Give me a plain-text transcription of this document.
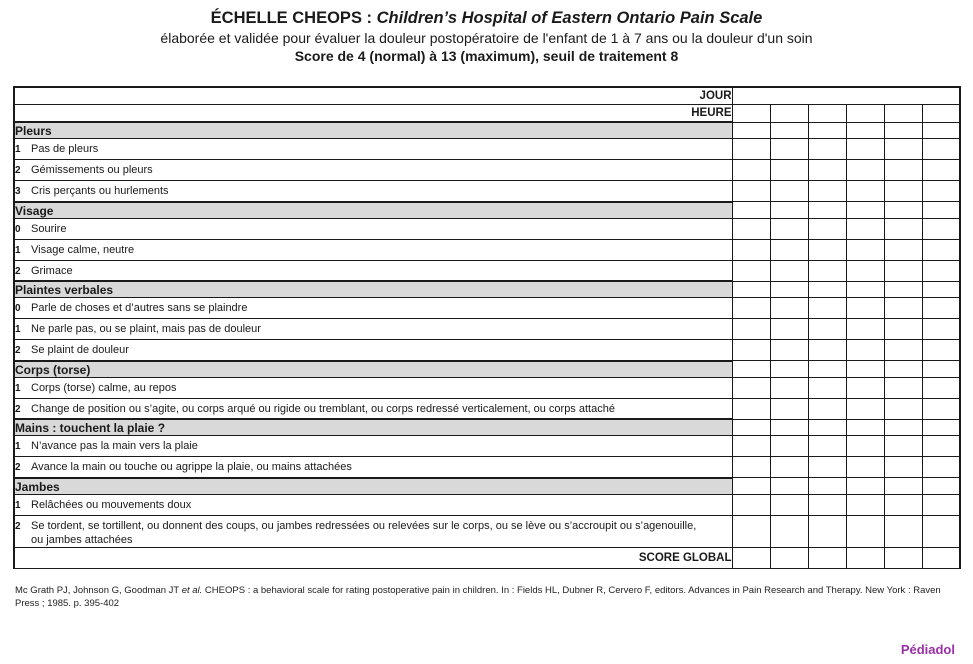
ÉCHELLE CHEOPS : Children’s Hospital of Eastern Ontario Pain Scale
élaborée et validée pour évaluer la douleur postopératoire de l'enfant de 1 à 7 ans ou la douleur d'un soin
Score de 4 (normal) à 13 (maximum), seuil de traitement 8
JOUR						
HEURE						
Pleurs						
1 Pas de pleurs						
2 Gémissements ou pleurs						
3 Cris perçants ou hurlements						
Visage						
0 Sourire						
1 Visage calme, neutre						
2 Grimace						
Plaintes verbales						
0 Parle de choses et d’autres sans se plaindre						
1 Ne parle pas, ou se plaint, mais pas de douleur						
2 Se plaint de douleur						
Corps (torse)						
1 Corps (torse) calme, au repos						
2 Change de position ou s’agite, ou corps arqué ou rigide ou tremblant, ou corps redressé verticalement, ou corps attaché						
Mains : touchent la plaie ?						
1 N’avance pas la main vers la plaie						
2 Avance la main ou touche ou agrippe la plaie, ou mains attachées						
Jambes						
1 Relâchées ou mouvements doux						
2 Se tordent, se tortillent, ou donnent des coups, ou jambes redressées ou relevées sur le corps, ou se lève ou s’accroupit ou s’agenouille, ou jambes attachées						
SCORE GLOBAL						
Mc Grath PJ, Johnson G, Goodman JT et al. CHEOPS : a behavioral scale for rating postoperative pain in children. In : Fields HL, Dubner R, Cervero F, editors. Advances in Pain Research and Therapy. New York : Raven Press ; 1985. p. 395-402
Pédiadol
